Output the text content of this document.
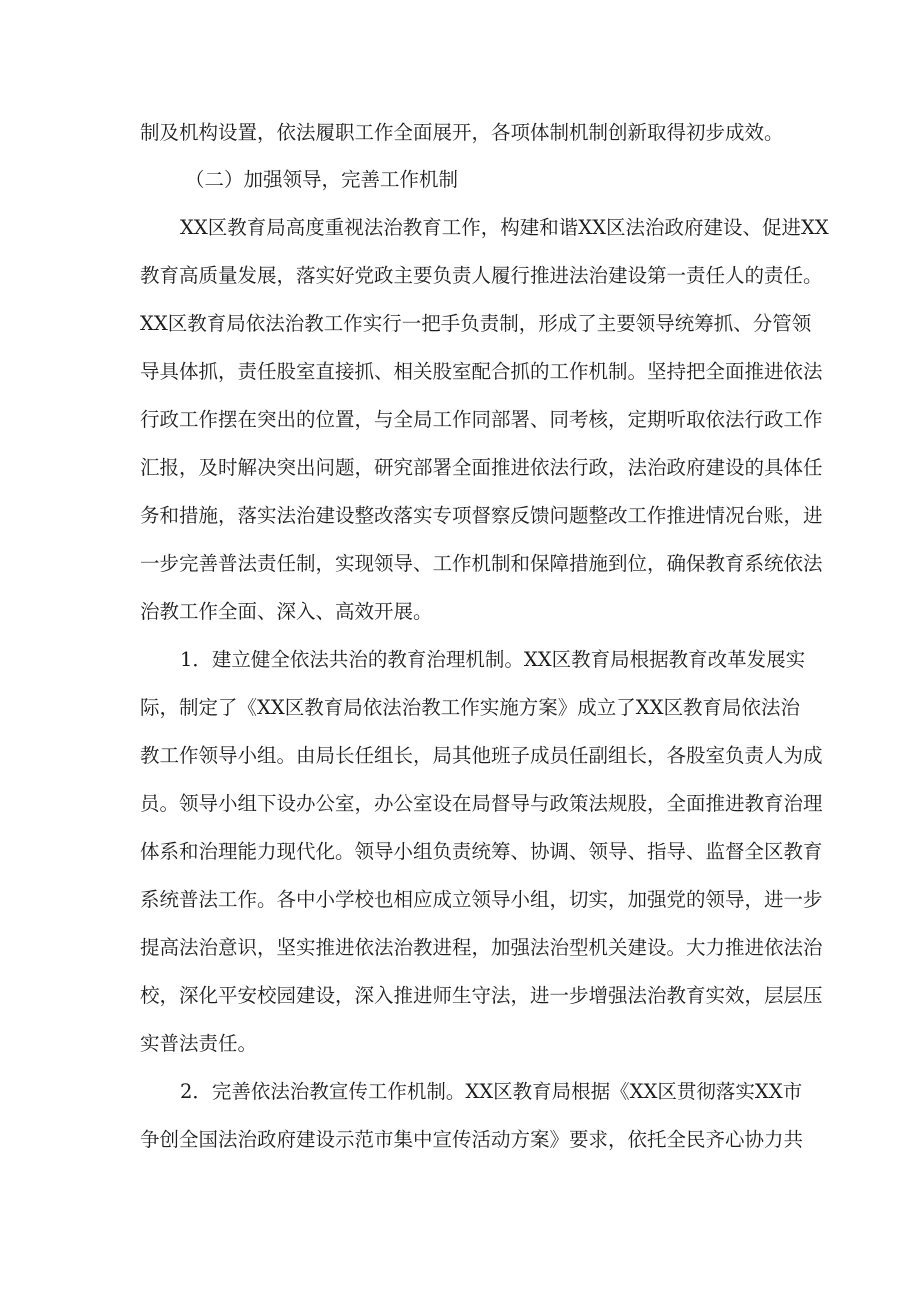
制及机构设置，依法履职工作全面展开，各项体制机制创新取得初步成效。
（二）加强领导，完善工作机制
XX区教育局高度重视法治教育工作，构建和谐XX区法治政府建设、促进XX
教育高质量发展，落实好党政主要负责人履行推进法治建设第一责任人的责任。
XX区教育局依法治教工作实行一把手负责制，形成了主要领导统筹抓、分管领
导具体抓，责任股室直接抓、相关股室配合抓的工作机制。坚持把全面推进依法
行政工作摆在突出的位置，与全局工作同部署、同考核，定期听取依法行政工作
汇报，及时解决突出问题，研究部署全面推进依法行政，法治政府建设的具体任
务和措施，落实法治建设整改落实专项督察反馈问题整改工作推进情况台账，进
一步完善普法责任制，实现领导、工作机制和保障措施到位，确保教育系统依法
治教工作全面、深入、高效开展。
1．建立健全依法共治的教育治理机制。XX区教育局根据教育改革发展实
际，制定了《XX区教育局依法治教工作实施方案》成立了XX区教育局依法治
教工作领导小组。由局长任组长，局其他班子成员任副组长，各股室负责人为成
员。领导小组下设办公室，办公室设在局督导与政策法规股，全面推进教育治理
体系和治理能力现代化。领导小组负责统筹、协调、领导、指导、监督全区教育
系统普法工作。各中小学校也相应成立领导小组，切实，加强党的领导，进一步
提高法治意识，坚实推进依法治教进程，加强法治型机关建设。大力推进依法治
校，深化平安校园建设，深入推进师生守法，进一步增强法治教育实效，层层压
实普法责任。
2．完善依法治教宣传工作机制。XX区教育局根据《XX区贯彻落实XX市
争创全国法治政府建设示范市集中宣传活动方案》要求，依托全民齐心协力共
